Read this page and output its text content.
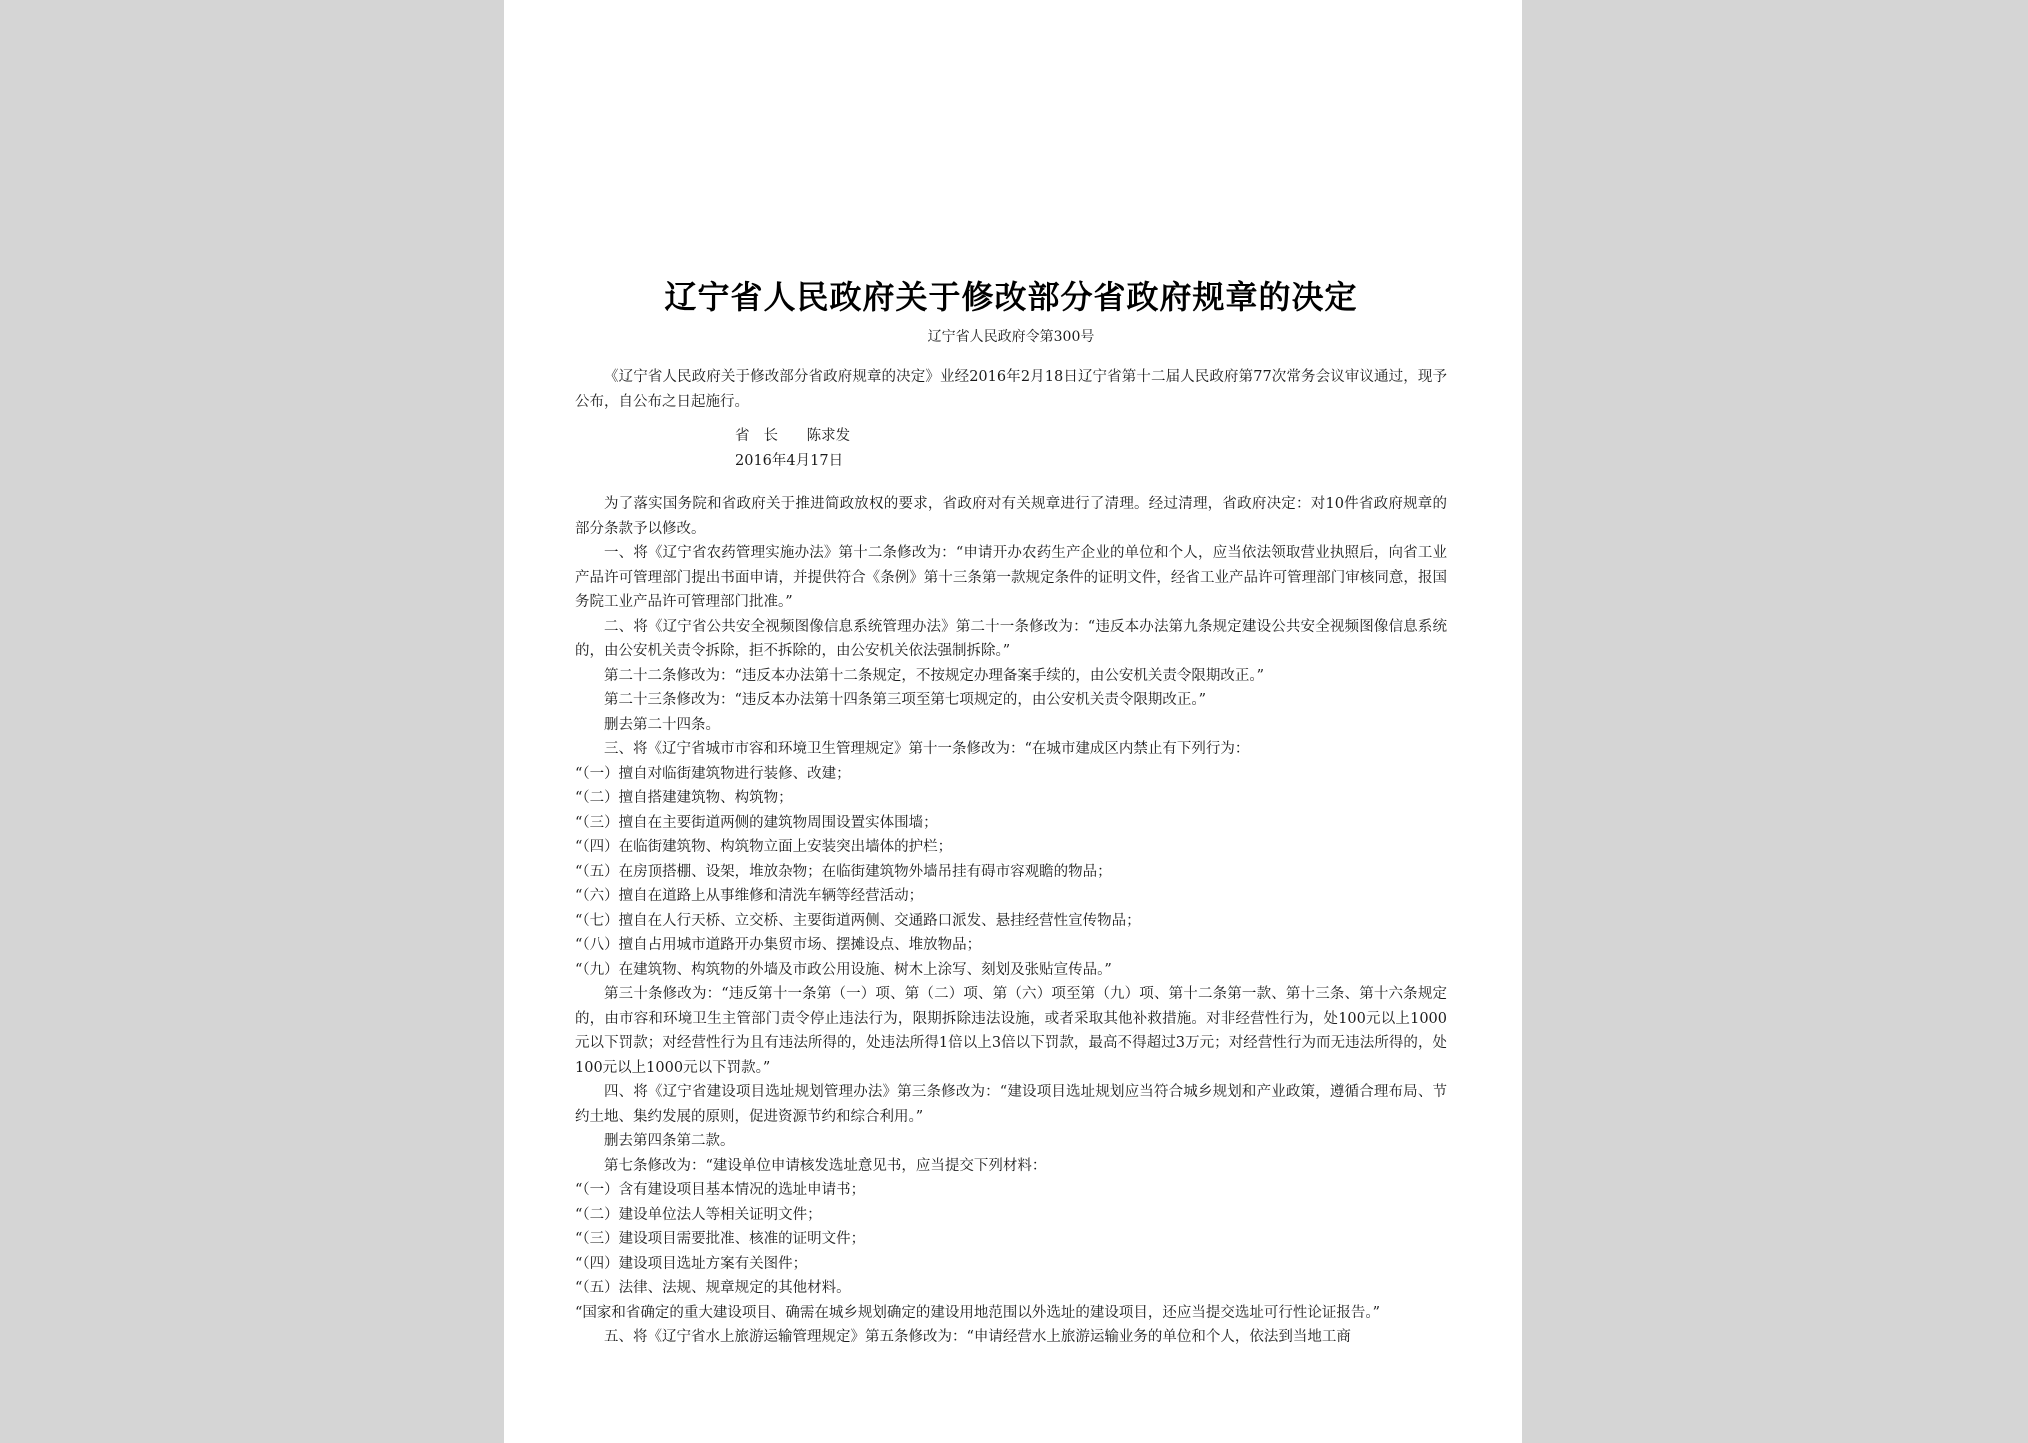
辽宁省人民政府关于修改部分省政府规章的决定
辽宁省人民政府令第300号

《辽宁省人民政府关于修改部分省政府规章的决定》业经2016年2月18日辽宁省第十二届人民政府第77次常务会议审议通过，现予公布，自公布之日起施行。

省长 陈求发
2016年4月17日

为了落实国务院和省政府关于推进简政放权的要求，省政府对有关规章进行了清理。经过清理，省政府决定：对10件省政府规章的部分条款予以修改。

一、将《辽宁省农药管理实施办法》第十二条修改为：“申请开办农药生产企业的单位和个人，应当依法领取营业执照后，向省工业产品许可管理部门提出书面申请，并提供符合《条例》第十三条第一款规定条件的证明文件，经省工业产品许可管理部门审核同意，报国务院工业产品许可管理部门批准。”

二、将《辽宁省公共安全视频图像信息系统管理办法》第二十一条修改为：“违反本办法第九条规定建设公共安全视频图像信息系统的，由公安机关责令拆除，拒不拆除的，由公安机关依法强制拆除。”

第二十二条修改为：“违反本办法第十二条规定，不按规定办理备案手续的，由公安机关责令限期改正。”

第二十三条修改为：“违反本办法第十四条第三项至第七项规定的，由公安机关责令限期改正。”

删去第二十四条。

三、将《辽宁省城市市容和环境卫生管理规定》第十一条修改为：“在城市建成区内禁止有下列行为：

“（一）擅自对临街建筑物进行装修、改建；

“（二）擅自搭建建筑物、构筑物；

“（三）擅自在主要街道两侧的建筑物周围设置实体围墙；

“（四）在临街建筑物、构筑物立面上安装突出墙体的护栏；

“（五）在房顶搭棚、设架，堆放杂物；在临街建筑物外墙吊挂有碍市容观瞻的物品；

“（六）擅自在道路上从事维修和清洗车辆等经营活动；

“（七）擅自在人行天桥、立交桥、主要街道两侧、交通路口派发、悬挂经营性宣传物品；

“（八）擅自占用城市道路开办集贸市场、摆摊设点、堆放物品；

“（九）在建筑物、构筑物的外墙及市政公用设施、树木上涂写、刻划及张贴宣传品。”

第三十条修改为：“违反第十一条第（一）项、第（二）项、第（六）项至第（九）项、第十二条第一款、第十三条、第十六条规定的，由市容和环境卫生主管部门责令停止违法行为，限期拆除违法设施，或者采取其他补救措施。对非经营性行为，处100元以上1000元以下罚款；对经营性行为且有违法所得的，处违法所得1倍以上3倍以下罚款，最高不得超过3万元；对经营性行为而无违法所得的，处100元以上1000元以下罚款。”

四、将《辽宁省建设项目选址规划管理办法》第三条修改为：“建设项目选址规划应当符合城乡规划和产业政策，遵循合理布局、节约土地、集约发展的原则，促进资源节约和综合利用。”

删去第四条第二款。

第七条修改为：“建设单位申请核发选址意见书，应当提交下列材料：

“（一）含有建设项目基本情况的选址申请书；

“（二）建设单位法人等相关证明文件；

“（三）建设项目需要批准、核准的证明文件；

“（四）建设项目选址方案有关图件；

“（五）法律、法规、规章规定的其他材料。

“国家和省确定的重大建设项目、确需在城乡规划确定的建设用地范围以外选址的建设项目，还应当提交选址可行性论证报告。”

五、将《辽宁省水上旅游运输管理规定》第五条修改为：“申请经营水上旅游运输业务的单位和个人，依法到当地工商
